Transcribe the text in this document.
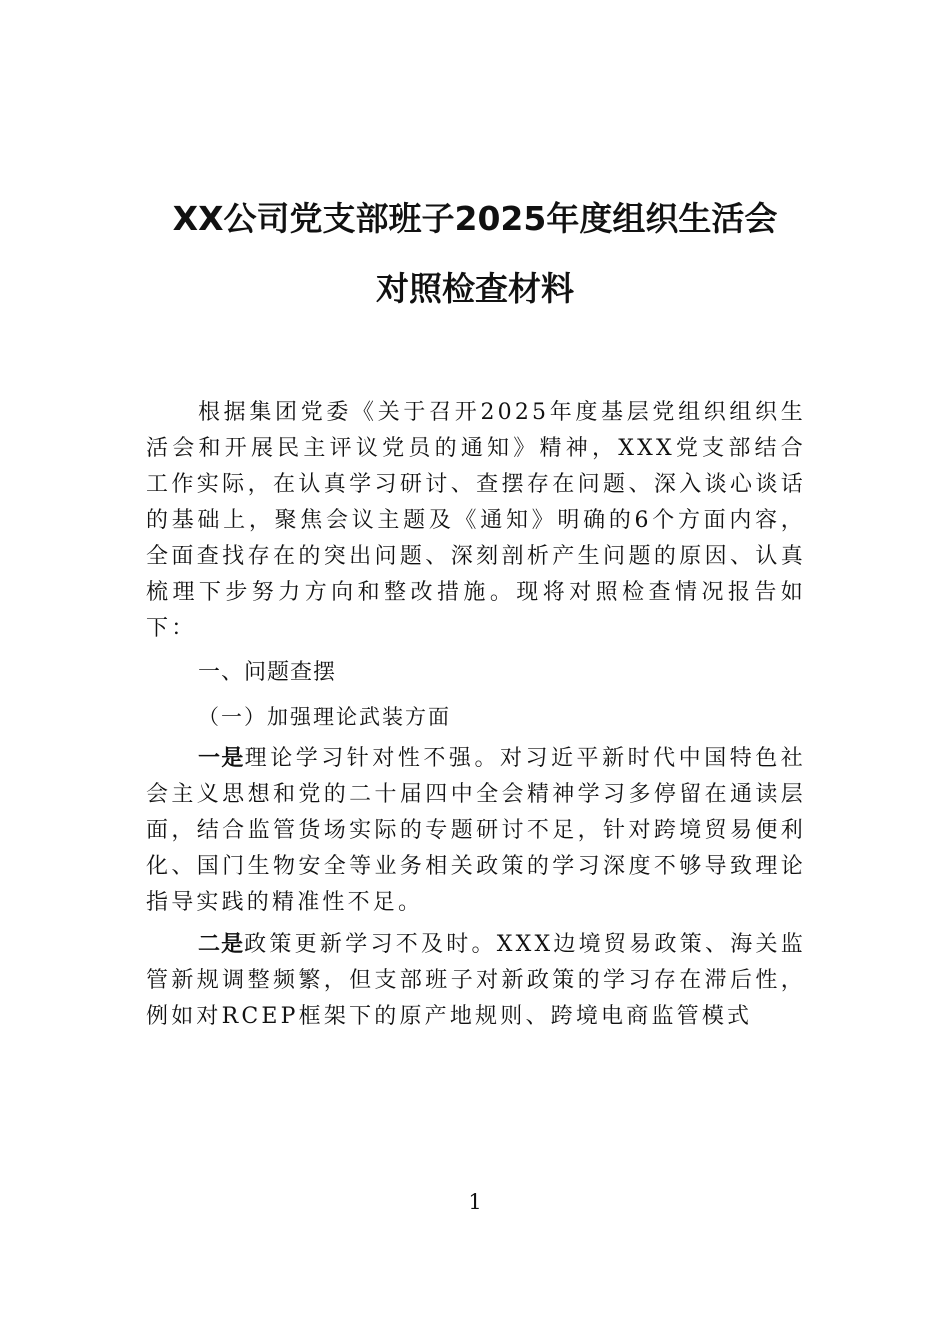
XX公司党支部班子2025年度组织生活会
对照检查材料

根据集团党委《关于召开2025年度基层党组织组织生活会和开展民主评议党员的通知》精神，XXX党支部结合工作实际，在认真学习研讨、查摆存在问题、深入谈心谈话的基础上，聚焦会议主题及《通知》明确的6个方面内容，全面查找存在的突出问题、深刻剖析产生问题的原因、认真梳理下步努力方向和整改措施。现将对照检查情况报告如下：

一、问题查摆
（一）加强理论武装方面

一是理论学习针对性不强。对习近平新时代中国特色社会主义思想和党的二十届四中全会精神学习多停留在通读层面，结合监管货场实际的专题研讨不足，针对跨境贸易便利化、国门生物安全等业务相关政策的学习深度不够导致理论指导实践的精准性不足。

二是政策更新学习不及时。XXX边境贸易政策、海关监管新规调整频繁，但支部班子对新政策的学习存在滞后性，例如对RCEP框架下的原产地规则、跨境电商监管模式

1
